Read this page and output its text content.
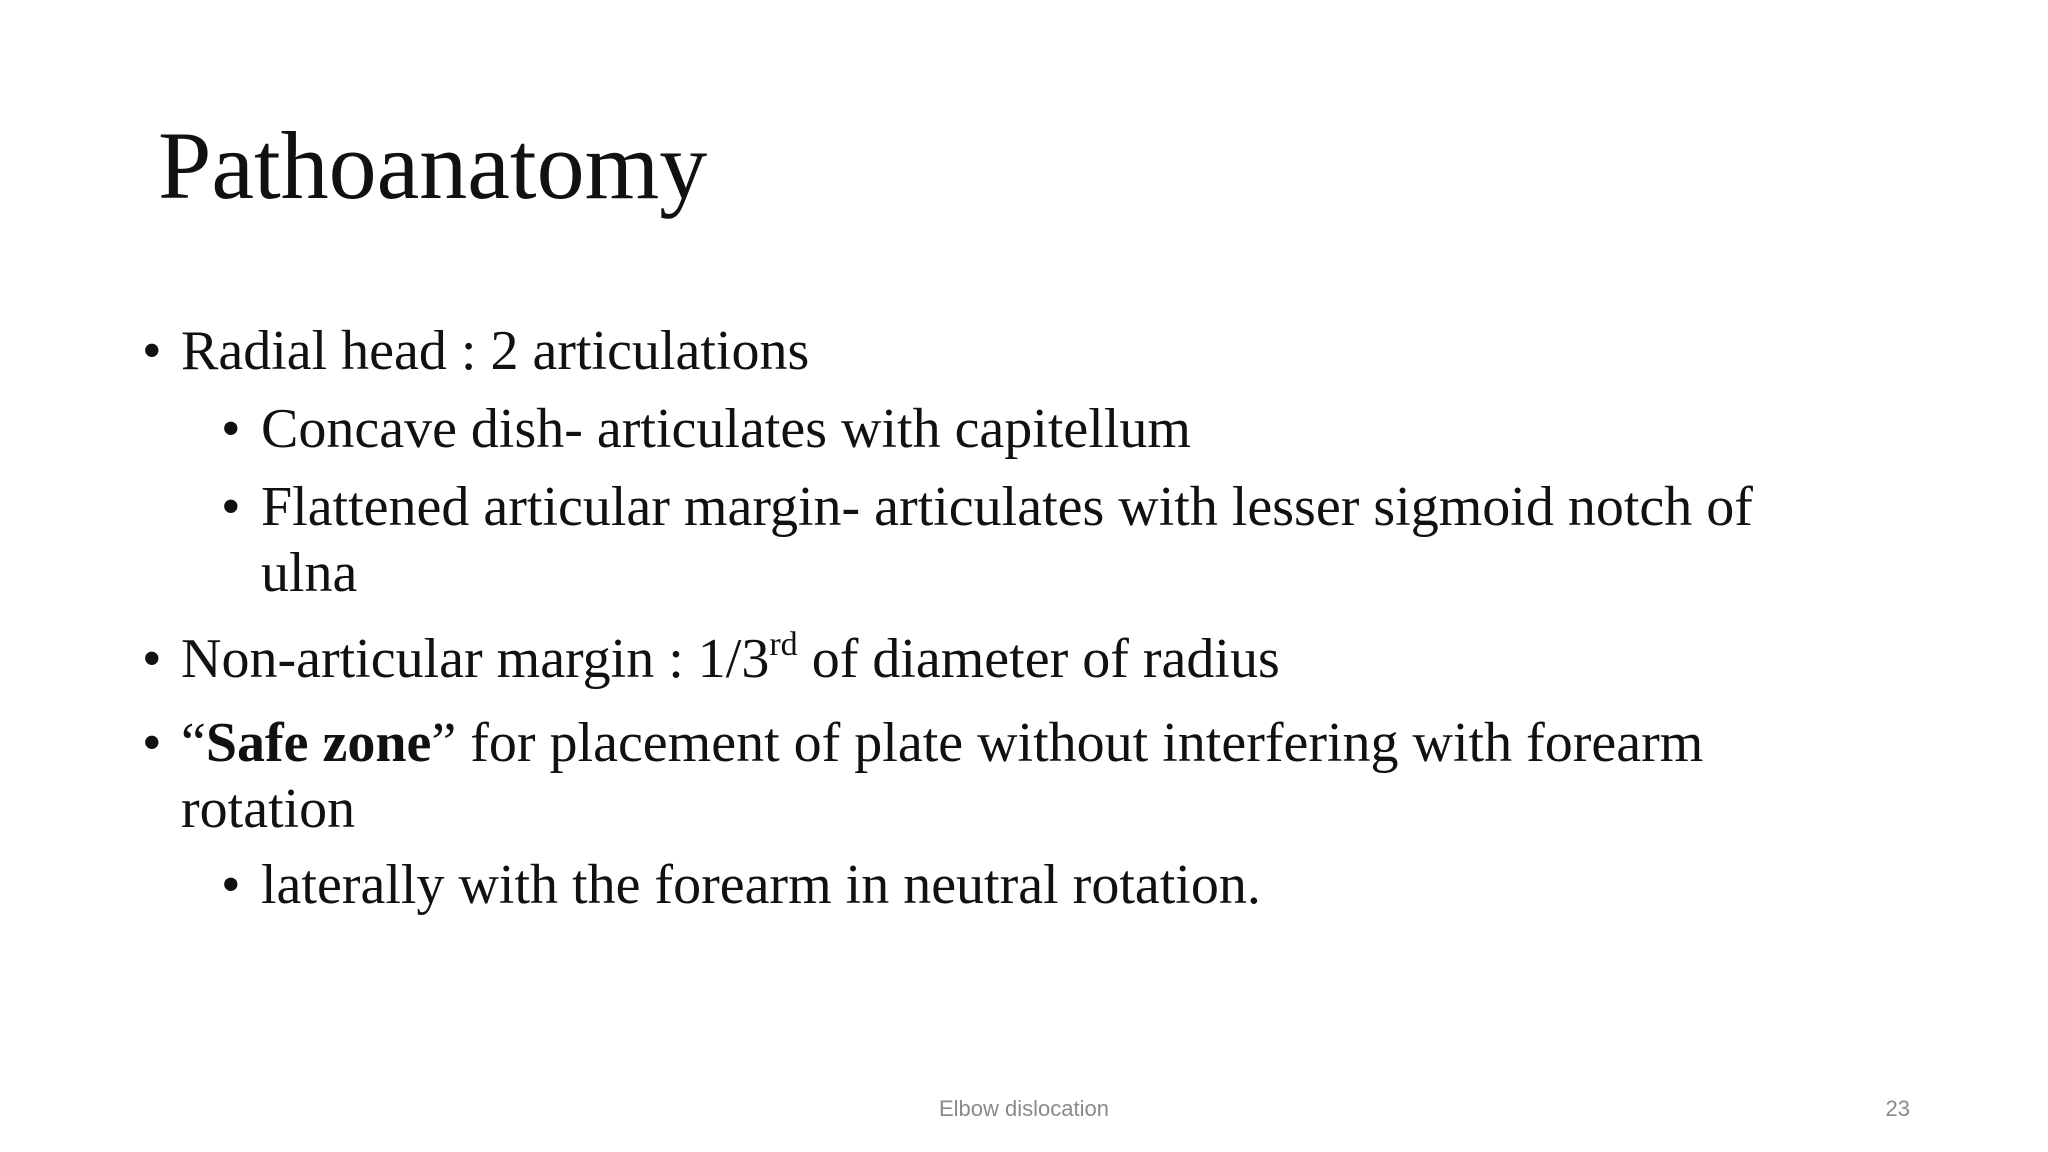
Pathoanatomy
• Radial head : 2 articulations
• Concave dish- articulates with capitellum
• Flattened articular margin- articulates with lesser sigmoid notch of
ulna
• Non-articular margin : 1/3rd of diameter of radius
• “Safe zone” for placement of plate without interfering with forearm
rotation
• laterally with the forearm in neutral rotation.
Elbow dislocation	23
